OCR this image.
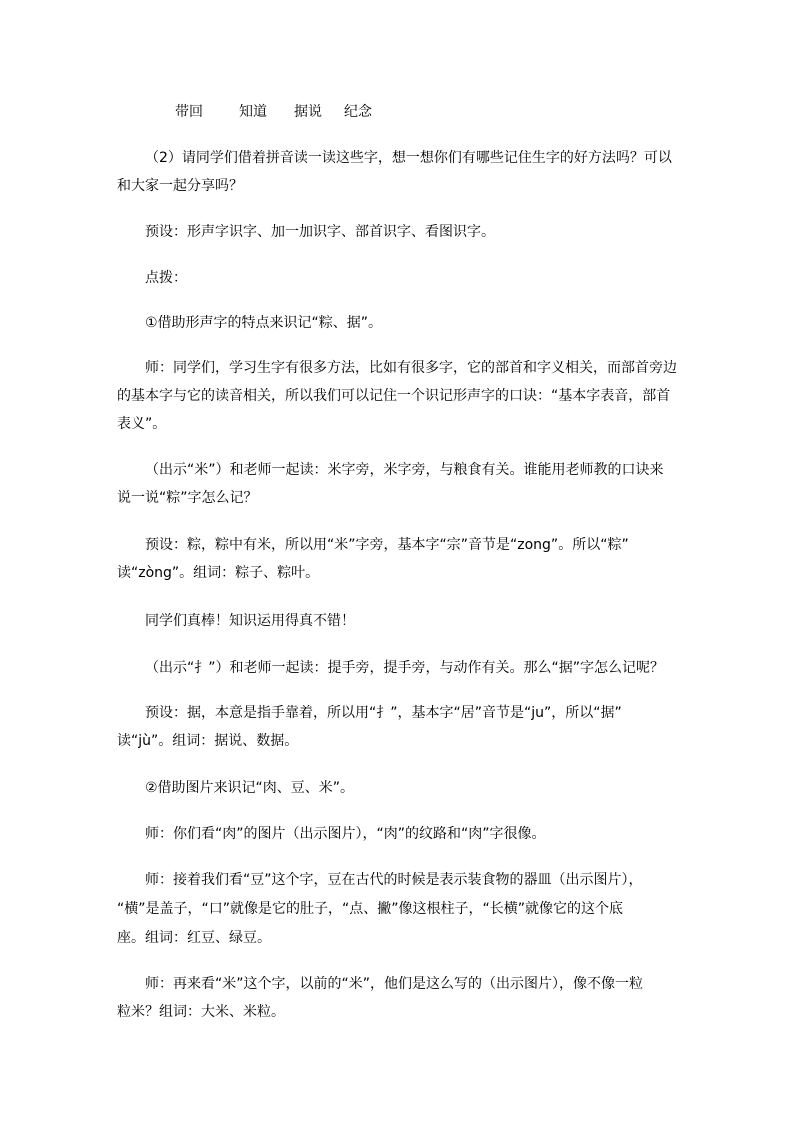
带回	知道 据说 纪念
（2）请同学们借着拼音读一读这些字，想一想你们有哪些记住生字的好方法吗？可以
和大家一起分享吗？
预设：形声字识字、加一加识字、部首识字、看图识字。
点拨：
①借助形声字的特点来识记“粽、据”。
师：同学们，学习生字有很多方法，比如有很多字，它的部首和字义相关，而部首旁边
的基本字与它的读音相关，所以我们可以记住一个识记形声字的口诀：“基本字表音，部首
表义”。
（出示“米”）和老师一起读：米字旁，米字旁，与粮食有关。谁能用老师教的口诀来
说一说“粽”字怎么记？
预设：粽，粽中有米，所以用“米”字旁，基本字“宗”音节是“zong”。所以“粽”
读“zòng”。组词：粽子、粽叶。
同学们真棒！知识运用得真不错！
（出示“扌”）和老师一起读：提手旁，提手旁，与动作有关。那么“据”字怎么记呢？
预设：据，本意是指手靠着，所以用“扌”，基本字“居”音节是“ju”，所以“据”
读“jù”。组词：据说、数据。
②借助图片来识记“肉、豆、米”。
师：你们看“肉”的图片（出示图片），“肉”的纹路和“肉”字很像。
师：接着我们看“豆”这个字，豆在古代的时候是表示装食物的器皿（出示图片），
“横”是盖子，“口”就像是它的肚子，“点、撇”像这根柱子，“长横”就像它的这个底
座。组词：红豆、绿豆。
师：再来看“米”这个字，以前的“米”，他们是这么写的（出示图片），像不像一粒
粒米？组词：大米、米粒。
